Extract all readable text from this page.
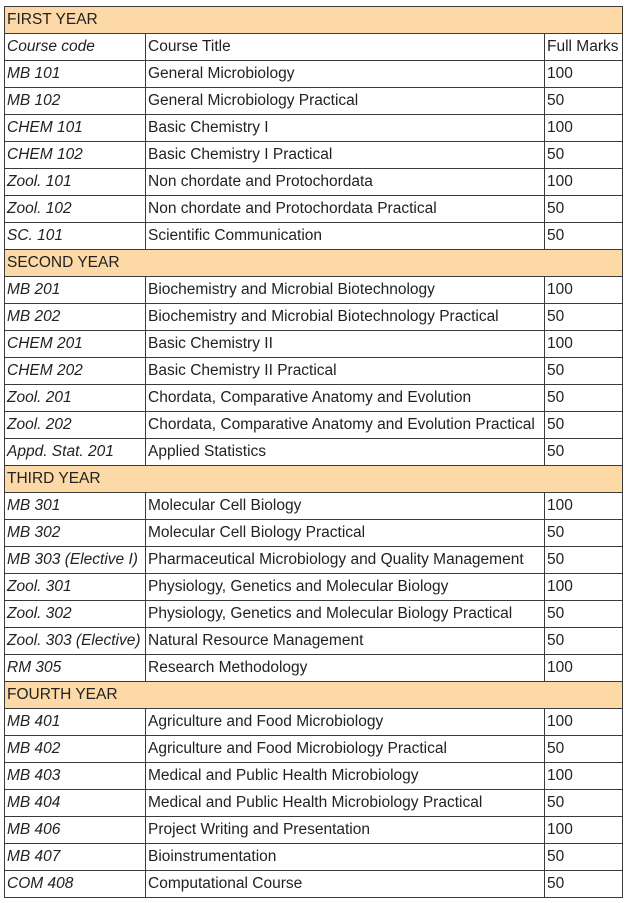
FIRST YEAR		
Course code	Course Title	Full Marks
MB 101	General Microbiology	100
MB 102	General Microbiology Practical	50
CHEM 101	Basic Chemistry I	100
CHEM 102	Basic Chemistry I Practical	50
Zool. 101	Non chordate and Protochordata	100
Zool. 102	Non chordate and Protochordata Practical	50
SC. 101	Scientific Communication	50
SECOND YEAR		
MB 201	Biochemistry and Microbial Biotechnology	100
MB 202	Biochemistry and Microbial Biotechnology Practical	50
CHEM 201	Basic Chemistry II	100
CHEM 202	Basic Chemistry II Practical	50
Zool. 201	Chordata, Comparative Anatomy and Evolution	50
Zool. 202	Chordata, Comparative Anatomy and Evolution Practical	50
Appd. Stat. 201	Applied Statistics	50
THIRD YEAR		
MB 301	Molecular Cell Biology	100
MB 302	Molecular Cell Biology Practical	50
MB 303 (Elective I)	Pharmaceutical Microbiology and Quality Management	50
Zool. 301	Physiology, Genetics and Molecular Biology	100
Zool. 302	Physiology, Genetics and Molecular Biology Practical	50
Zool. 303 (Elective)	Natural Resource Management	50
RM 305	Research Methodology	100
FOURTH YEAR		
MB 401	Agriculture and Food Microbiology	100
MB 402	Agriculture and Food Microbiology Practical	50
MB 403	Medical and Public Health Microbiology	100
MB 404	Medical and Public Health Microbiology Practical	50
MB 406	Project Writing and Presentation	100
MB 407	Bioinstrumentation	50
COM 408	Computational Course	50
